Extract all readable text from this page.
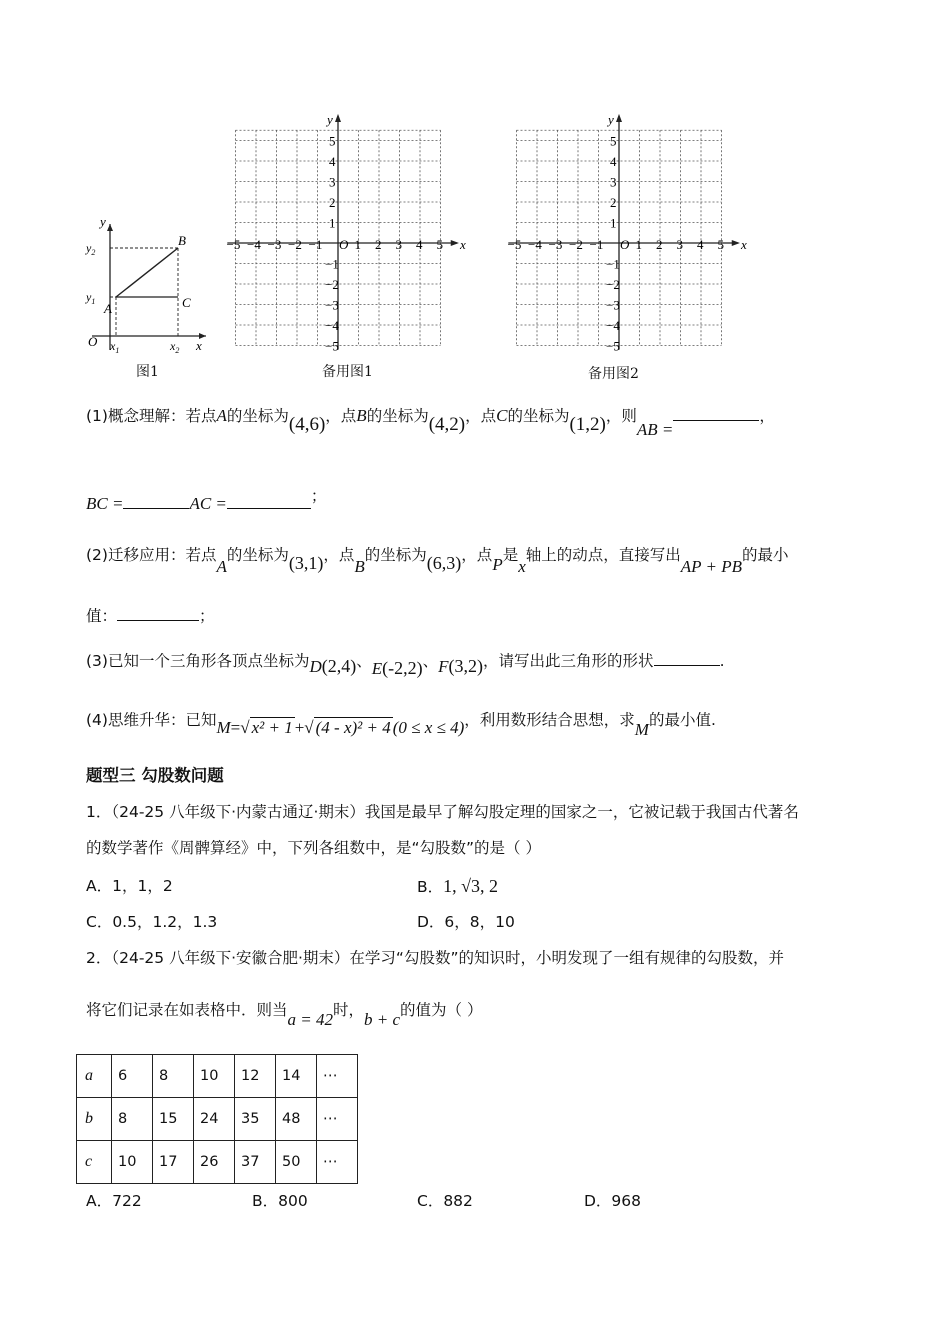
y
x
O
$y_2$
$y_1$
$x_1$	$x_2$
A
B
C
图1
−5 −4 −3 −2 −1 1 2 3 4 5
5
4
3
2
1
−1
−2
−3
−4
−5
O
y
x
备用图1
−5 −4 −3 −2 −1 1 2 3 4 5
5
4
3
2
1
−1
−2
−3
−4
−5
O
y
x
备用图2
(1)概念理解：若点A的坐标为(4,6)，点B的坐标为(4,2)，点C的坐标为(1,2)，则AB =，
BC =	AC =	；
(2)迁移应用：若点A的坐标为(3,1)，点B的坐标为(6,3)，点P是x轴上的动点，直接写出AP + PB的最小
值：	；
(3)已知一个三角形各顶点坐标为D(2,4)、E(-2,2)、F(3,2)，请写出此三角形的形状	.
(4)思维升华：已知M=√ x² + 1 +√ (4 - x)² + 4 (0 ≤ x ≤ 4)，利用数形结合思想，求M的最小值.
题型三 勾股数问题
1．（24-25 八年级下·内蒙古通辽·期末）我国是最早了解勾股定理的国家之一，它被记载于我国古代著名
的数学著作《周髀算经》中，下列各组数中，是“勾股数”的是（ ）
A．1，1，2	B．1, √3, 2
C．0.5，1.2，1.3	D．6，8，10
2．（24-25 八年级下·安徽合肥·期末）在学习“勾股数”的知识时，小明发现了一组有规律的勾股数，并
将它们记录在如表格中．则当a = 42时，b + c的值为（ ）
a	6	8	10	12	14	⋯
b	8	15	24	35	48	⋯
c	10	17	26	37	50	⋯
A．722	B．800	C．882	D．968
